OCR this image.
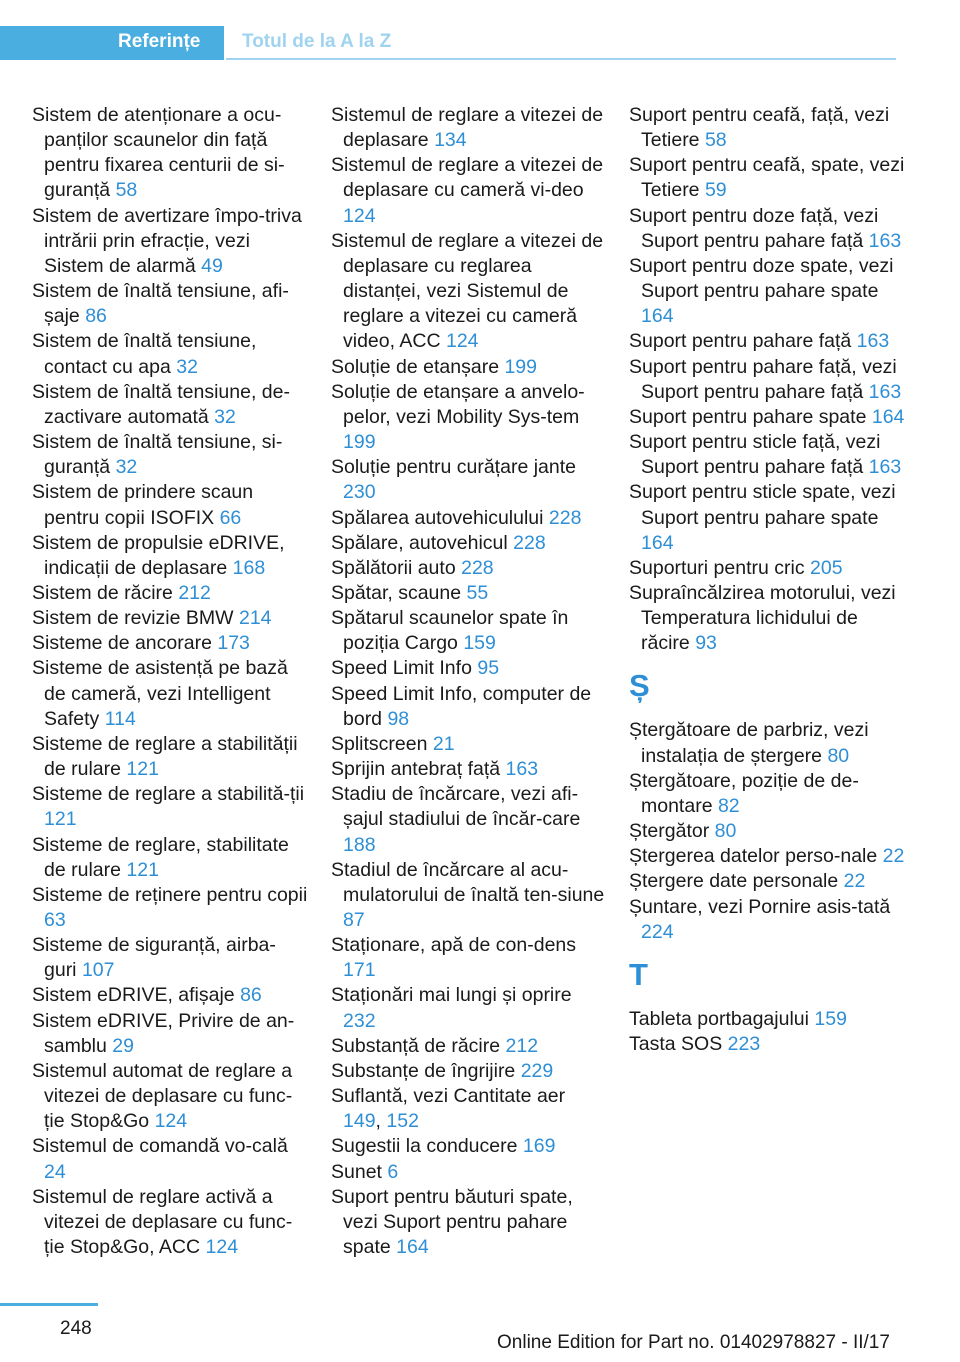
Referințe Totul de la A la Z
Sistem de atenționare a ocu-panților scaunelor din față pentru fixarea centurii de si-guranță 58
Sistem de avertizare împo-triva intrării prin efracție, vezi Sistem de alarmă 49
Sistem de înaltă tensiune, afi-șaje 86
Sistem de înaltă tensiune, contact cu apa 32
Sistem de înaltă tensiune, de-zactivare automată 32
Sistem de înaltă tensiune, si-guranță 32
Sistem de prindere scaun pentru copii ISOFIX 66
Sistem de propulsie eDRIVE, indicații de deplasare 168
Sistem de răcire 212
Sistem de revizie BMW 214
Sisteme de ancorare 173
Sisteme de asistență pe bază de cameră, vezi Intelligent Safety 114
Sisteme de reglare a stabilității de rulare 121
Sisteme de reglare a stabilită-ții 121
Sisteme de reglare, stabilitate de rulare 121
Sisteme de reținere pentru copii 63
Sisteme de siguranță, airba-guri 107
Sistem eDRIVE, afișaje 86
Sistem eDRIVE, Privire de an-samblu 29
Sistemul automat de reglare a vitezei de deplasare cu func-ție Stop&Go 124
Sistemul de comandă vo-cală 24
Sistemul de reglare activă a vitezei de deplasare cu func-ție Stop&Go, ACC 124
Sistemul de reglare a vitezei de deplasare 134
Sistemul de reglare a vitezei de deplasare cu cameră vi-deo 124
Sistemul de reglare a vitezei de deplasare cu reglarea distanței, vezi Sistemul de reglare a vitezei cu cameră video, ACC 124
Soluție de etanșare 199
Soluție de etanșare a anvelo-pelor, vezi Mobility Sys-tem 199
Soluție pentru curățare jante 230
Spălarea autovehiculului 228
Spălare, autovehicul 228
Spălătorii auto 228
Spătar, scaune 55
Spătarul scaunelor spate în poziția Cargo 159
Speed Limit Info 95
Speed Limit Info, computer de bord 98
Splitscreen 21
Sprijin antebraț față 163
Stadiu de încărcare, vezi afi-șajul stadiului de încăr-care 188
Stadiul de încărcare al acu-mulatorului de înaltă ten-siune 87
Staționare, apă de con-dens 171
Staționări mai lungi și oprire 232
Substanță de răcire 212
Substanțe de îngrijire 229
Suflantă, vezi Cantitate aer 149, 152
Sugestii la conducere 169
Sunet 6
Suport pentru băuturi spate, vezi Suport pentru pahare spate 164
Suport pentru ceafă, față, vezi Tetiere 58
Suport pentru ceafă, spate, vezi Tetiere 59
Suport pentru doze față, vezi Suport pentru pahare față 163
Suport pentru doze spate, vezi Suport pentru pahare spate 164
Suport pentru pahare față 163
Suport pentru pahare față, vezi Suport pentru pahare față 163
Suport pentru pahare spate 164
Suport pentru sticle față, vezi Suport pentru pahare față 163
Suport pentru sticle spate, vezi Suport pentru pahare spate 164
Suporturi pentru cric 205
Supraîncălzirea motorului, vezi Temperatura lichidului de răcire 93
Ș
Ștergătoare de parbriz, vezi instalația de ștergere 80
Ștergătoare, poziție de de-montare 82
Ștergător 80
Ștergerea datelor perso-nale 22
Ștergere date personale 22
Șuntare, vezi Pornire asis-tată 224
T
Tableta portbagajului 159
Tasta SOS 223
248
Online Edition for Part no. 01402978827 - II/17
